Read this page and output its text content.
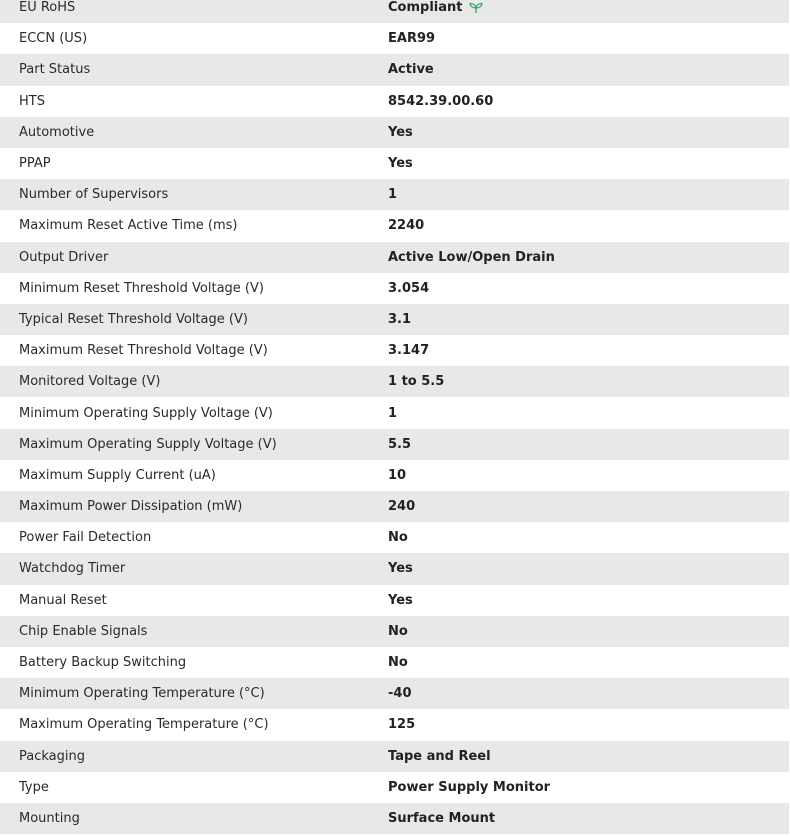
EU RoHS	Compliant
ECCN (US)	EAR99
Part Status	Active
HTS	8542.39.00.60
Automotive	Yes
PPAP	Yes
Number of Supervisors	1
Maximum Reset Active Time (ms)	2240
Output Driver	Active Low/Open Drain
Minimum Reset Threshold Voltage (V)	3.054
Typical Reset Threshold Voltage (V)	3.1
Maximum Reset Threshold Voltage (V)	3.147
Monitored Voltage (V)	1 to 5.5
Minimum Operating Supply Voltage (V)	1
Maximum Operating Supply Voltage (V)	5.5
Maximum Supply Current (uA)	10
Maximum Power Dissipation (mW)	240
Power Fail Detection	No
Watchdog Timer	Yes
Manual Reset	Yes
Chip Enable Signals	No
Battery Backup Switching	No
Minimum Operating Temperature (°C)	-40
Maximum Operating Temperature (°C)	125
Packaging	Tape and Reel
Type	Power Supply Monitor
Mounting	Surface Mount
